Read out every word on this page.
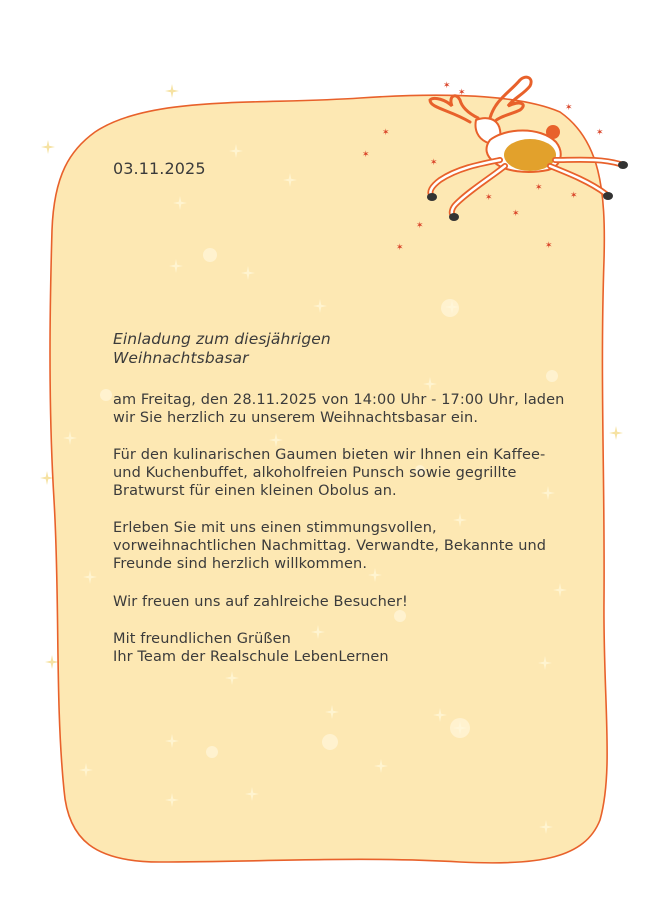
✶
✶
✶
✶
✶
✶
✶
✶
✶
✶
✶
✶
✶
✶
03.11.2025
Einladung zum diesjährigen
Weihnachtsbasar
am Freitag, den 28.11.2025 von 14:00 Uhr - 17:00 Uhr, laden
wir Sie herzlich zu unserem Weihnachtsbasar ein.
Für den kulinarischen Gaumen bieten wir Ihnen ein Kaffee-
und Kuchenbuffet, alkoholfreien Punsch sowie gegrillte
Bratwurst für einen kleinen Obolus an.
Erleben Sie mit uns einen stimmungsvollen,
vorweihnachtlichen Nachmittag. Verwandte, Bekannte und
Freunde sind herzlich willkommen.
Wir freuen uns auf zahlreiche Besucher!
Mit freundlichen Grüßen
Ihr Team der Realschule LebenLernen
